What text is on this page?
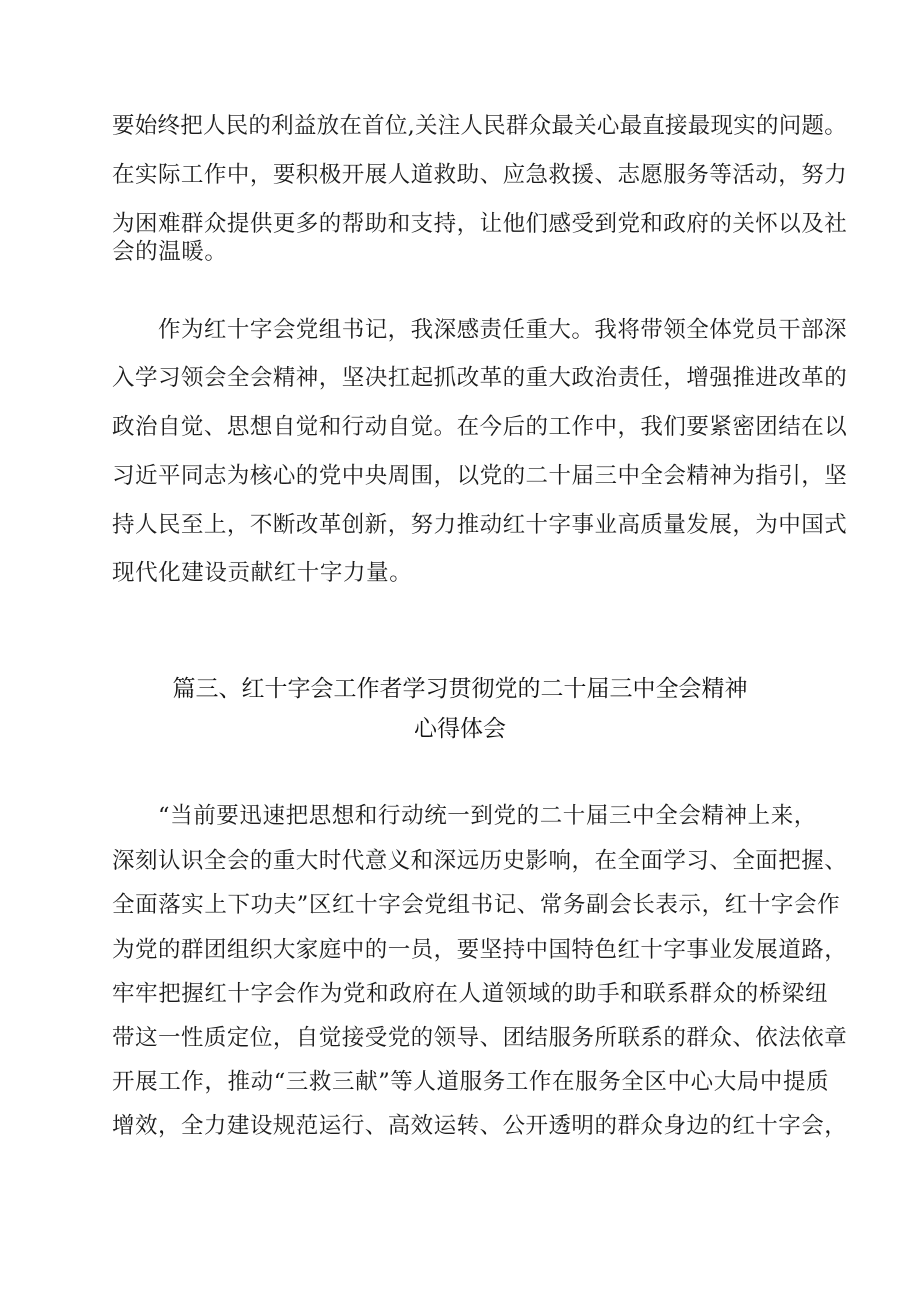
要始终把人民的利益放在首位,关注人民群众最关心最直接最现实的问题。
在实际工作中，要积极开展人道救助、应急救援、志愿服务等活动，努力
为困难群众提供更多的帮助和支持，让他们感受到党和政府的关怀以及社
会的温暖。
作为红十字会党组书记，我深感责任重大。我将带领全体党员干部深
入学习领会全会精神，坚决扛起抓改革的重大政治责任，增强推进改革的
政治自觉、思想自觉和行动自觉。在今后的工作中，我们要紧密团结在以
习近平同志为核心的党中央周围，以党的二十届三中全会精神为指引，坚
持人民至上，不断改革创新，努力推动红十字事业高质量发展，为中国式
现代化建设贡献红十字力量。
篇三、红十字会工作者学习贯彻党的二十届三中全会精神
心得体会
“当前要迅速把思想和行动统一到党的二十届三中全会精神上来，
深刻认识全会的重大时代意义和深远历史影响，在全面学习、全面把握、
全面落实上下功夫”区红十字会党组书记、常务副会长表示，红十字会作
为党的群团组织大家庭中的一员，要坚持中国特色红十字事业发展道路，
牢牢把握红十字会作为党和政府在人道领域的助手和联系群众的桥梁纽
带这一性质定位，自觉接受党的领导、团结服务所联系的群众、依法依章
开展工作，推动“三救三献”等人道服务工作在服务全区中心大局中提质
增效，全力建设规范运行、高效运转、公开透明的群众身边的红十字会，
